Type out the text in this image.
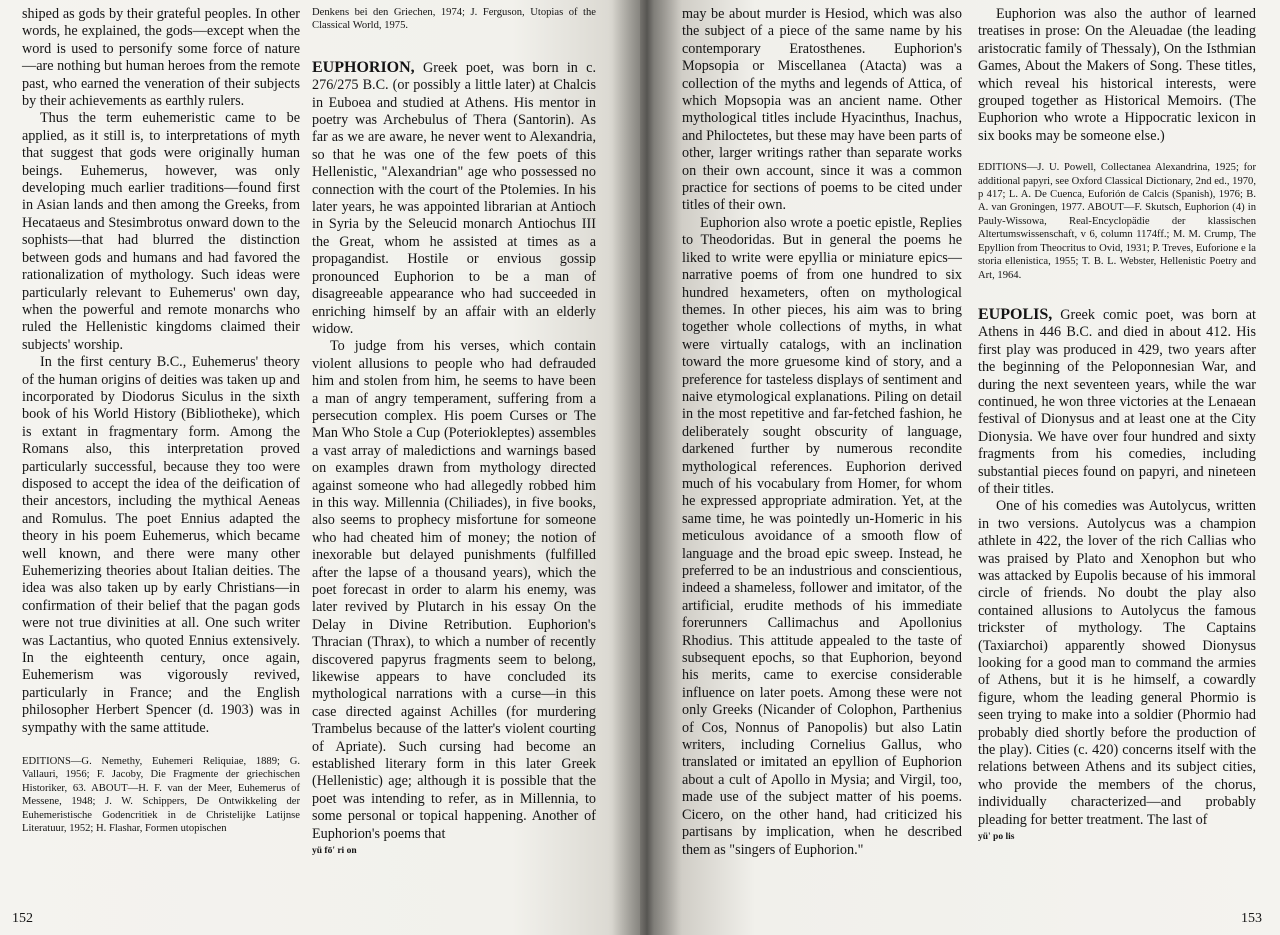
shiped as gods by their grateful peoples. In other words, he explained, the gods—except when the word is used to personify some force of nature—are nothing but human heroes from the remote past, who earned the veneration of their subjects by their achievements as earthly rulers.

Thus the term euhemeristic came to be applied, as it still is, to interpretations of myth that suggest that gods were originally human beings. Euhemerus, however, was only developing much earlier traditions—found first in Asian lands and then among the Greeks, from Hecataeus and Stesimbrotus onward down to the sophists—that had blurred the distinction between gods and humans and had favored the rationalization of mythology. Such ideas were particularly relevant to Euhemerus' own day, when the powerful and remote monarchs who ruled the Hellenistic kingdoms claimed their subjects' worship.

In the first century B.C., Euhemerus' theory of the human origins of deities was taken up and incorporated by Diodorus Siculus in the sixth book of his World History (Bibliotheke), which is extant in fragmentary form. Among the Romans also, this interpretation proved particularly successful, because they too were disposed to accept the idea of the deification of their ancestors, including the mythical Aeneas and Romulus. The poet Ennius adapted the theory in his poem Euhemerus, which became well known, and there were many other Euhemerizing theories about Italian deities. The idea was also taken up by early Christians—in confirmation of their belief that the pagan gods were not true divinities at all. One such writer was Lactantius, who quoted Ennius extensively. In the eighteenth century, once again, Euhemerism was vigorously revived, particularly in France; and the English philosopher Herbert Spencer (d. 1903) was in sympathy with the same attitude.

EDITIONS—G. Nemethy, Euhemeri Reliquiae, 1889; G. Vallauri, 1956; F. Jacoby, Die Fragmente der griechischen Historiker, 63. ABOUT—H. F. van der Meer, Euhemerus of Messene, 1948; J. W. Schippers, De Ontwikkeling der Euhemeristische Godencritiek in de Christelijke Latijnse Literatuur, 1952; H. Flashar, Formen utopischen

Denkens bei den Griechen, 1974; J. Ferguson, Utopias of the Classical World, 1975.

EUPHORION, Greek poet, was born in c. 276/275 B.C. (or possibly a little later) at Chalcis in Euboea and studied at Athens. His mentor in poetry was Archebulus of Thera (Santorin). As far as we are aware, he never went to Alexandria, so that he was one of the few poets of this Hellenistic, "Alexandrian" age who possessed no connection with the court of the Ptolemies. In his later years, he was appointed librarian at Antioch in Syria by the Seleucid monarch Antiochus III the Great, whom he assisted at times as a propagandist. Hostile or envious gossip pronounced Euphorion to be a man of disagreeable appearance who had succeeded in enriching himself by an affair with an elderly widow.

To judge from his verses, which contain violent allusions to people who had defrauded him and stolen from him, he seems to have been a man of angry temperament, suffering from a persecution complex. His poem Curses or The Man Who Stole a Cup (Poteriokleptes) assembles a vast array of maledictions and warnings based on examples drawn from mythology directed against someone who had allegedly robbed him in this way. Millennia (Chiliades), in five books, also seems to prophecy misfortune for someone who had cheated him of money; the notion of inexorable but delayed punishments (fulfilled after the lapse of a thousand years), which the poet forecast in order to alarm his enemy, was later revived by Plutarch in his essay On the Delay in Divine Retribution. Euphorion's Thracian (Thrax), to which a number of recently discovered papyrus fragments seem to belong, likewise appears to have concluded its mythological narrations with a curse—in this case directed against Achilles (for murdering Trambelus because of the latter's violent courting of Apriate). Such cursing had become an established literary form in this later Greek (Hellenistic) age; although it is possible that the poet was intending to refer, as in Millennia, to some personal or topical happening. Another of Euphorion's poems that

yü fō' ri on

152

may be about murder is Hesiod, which was also the subject of a piece of the same name by his contemporary Eratosthenes. Euphorion's Mopsopia or Miscellanea (Atacta) was a collection of the myths and legends of Attica, of which Mopsopia was an ancient name. Other mythological titles include Hyacinthus, Inachus, and Philoctetes, but these may have been parts of other, larger writings rather than separate works on their own account, since it was a common practice for sections of poems to be cited under titles of their own.

Euphorion also wrote a poetic epistle, Replies to Theodoridas. But in general the poems he liked to write were epyllia or miniature epics—narrative poems of from one hundred to six hundred hexameters, often on mythological themes. In other pieces, his aim was to bring together whole collections of myths, in what were virtually catalogs, with an inclination toward the more gruesome kind of story, and a preference for tasteless displays of sentiment and naive etymological explanations. Piling on detail in the most repetitive and far-fetched fashion, he deliberately sought obscurity of language, darkened further by numerous recondite mythological references. Euphorion derived much of his vocabulary from Homer, for whom he expressed appropriate admiration. Yet, at the same time, he was pointedly un-Homeric in his meticulous avoidance of a smooth flow of language and the broad epic sweep. Instead, he preferred to be an industrious and conscientious, indeed a shameless, follower and imitator, of the artificial, erudite methods of his immediate forerunners Callimachus and Apollonius Rhodius. This attitude appealed to the taste of subsequent epochs, so that Euphorion, beyond his merits, came to exercise considerable influence on later poets. Among these were not only Greeks (Nicander of Colophon, Parthenius of Cos, Nonnus of Panopolis) but also Latin writers, including Cornelius Gallus, who translated or imitated an epyllion of Euphorion about a cult of Apollo in Mysia; and Virgil, too, made use of the subject matter of his poems. Cicero, on the other hand, had criticized his partisans by implication, when he described them as "singers of Euphorion."

Euphorion was also the author of learned treatises in prose: On the Aleuadae (the leading aristocratic family of Thessaly), On the Isthmian Games, About the Makers of Song. These titles, which reveal his historical interests, were grouped together as Historical Memoirs. (The Euphorion who wrote a Hippocratic lexicon in six books may be someone else.)

EDITIONS—J. U. Powell, Collectanea Alexandrina, 1925; for additional papyri, see Oxford Classical Dictionary, 2nd ed., 1970, p 417; L. A. De Cuenca, Euforión de Calcis (Spanish), 1976; B. A. van Groningen, 1977. ABOUT—F. Skutsch, Euphorion (4) in Pauly-Wissowa, Real-Encyclopädie der klassischen Altertumswissenschaft, v 6, column 1174ff.; M. M. Crump, The Epyllion from Theocritus to Ovid, 1931; P. Treves, Euforione e la storia ellenistica, 1955; T. B. L. Webster, Hellenistic Poetry and Art, 1964.

EUPOLIS, Greek comic poet, was born at Athens in 446 B.C. and died in about 412. His first play was produced in 429, two years after the beginning of the Peloponnesian War, and during the next seventeen years, while the war continued, he won three victories at the Lenaean festival of Dionysus and at least one at the City Dionysia. We have over four hundred and sixty fragments from his comedies, including substantial pieces found on papyri, and nineteen of their titles.

One of his comedies was Autolycus, written in two versions. Autolycus was a champion athlete in 422, the lover of the rich Callias who was praised by Plato and Xenophon but who was attacked by Eupolis because of his immoral circle of friends. No doubt the play also contained allusions to Autolycus the famous trickster of mythology. The Captains (Taxiarchoi) apparently showed Dionysus looking for a good man to command the armies of Athens, but it is he himself, a cowardly figure, whom the leading general Phormio is seen trying to make into a soldier (Phormio had probably died shortly before the production of the play). Cities (c. 420) concerns itself with the relations between Athens and its subject cities, who provide the members of the chorus, individually characterized—and probably pleading for better treatment. The last of

yü' po lis

153
